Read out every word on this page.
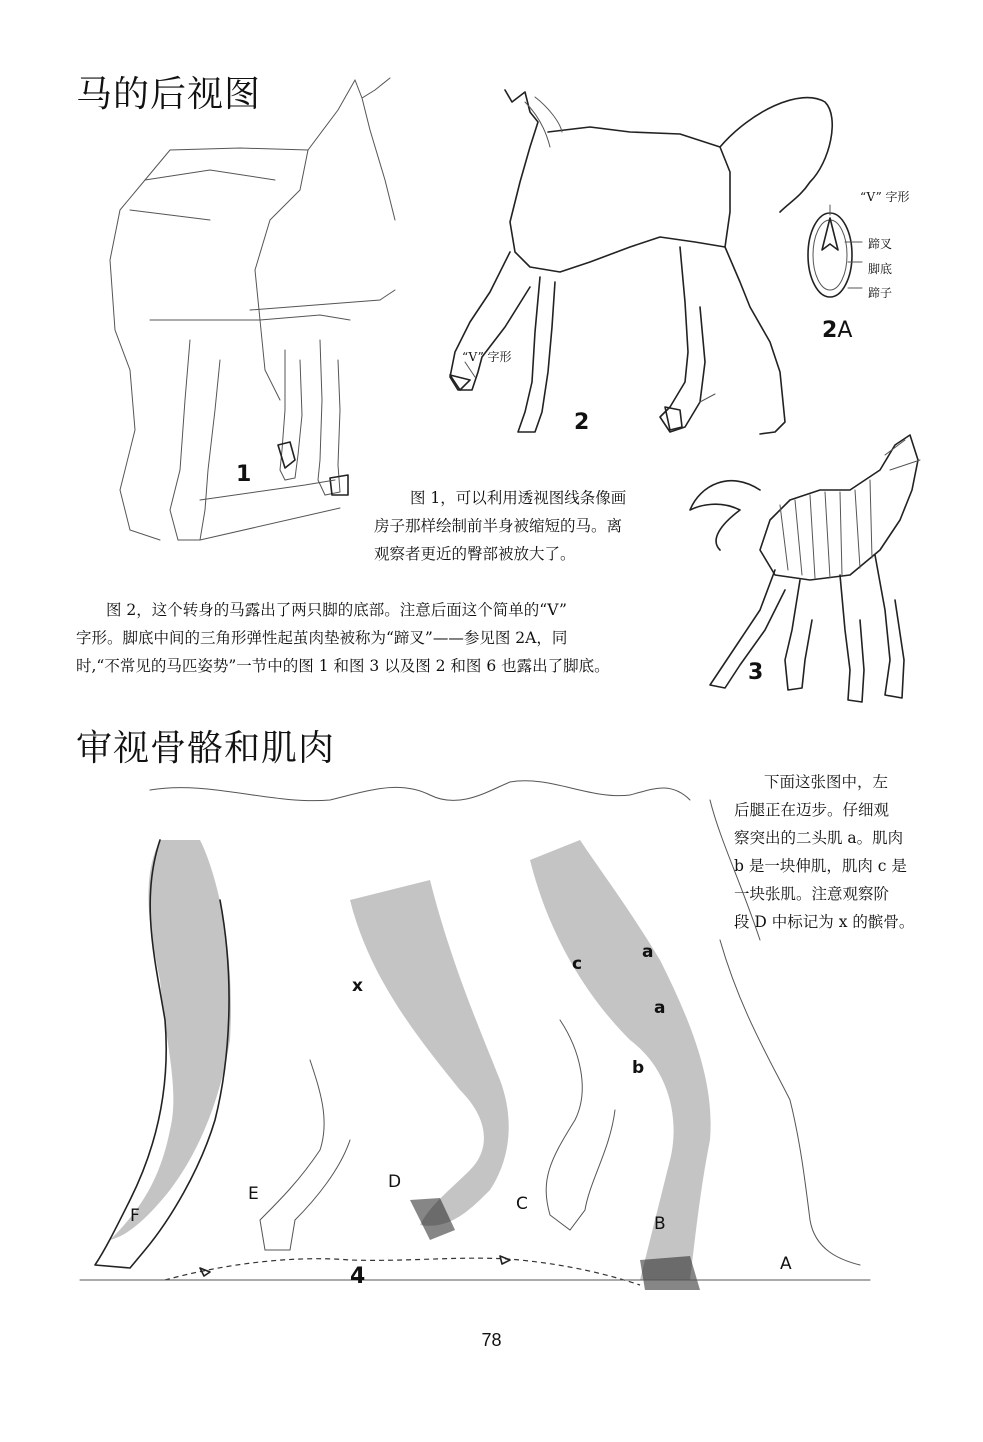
马的后视图
审视骨骼和肌肉
1
“V” 字形
2
“V” 字形
蹄叉
脚底
蹄子
2A

图 1，可以利用透视图线条像画

房子那样绘制前半身被缩短的马。离

观察者更近的臀部被放大了。

3

图 2，这个转身的马露出了两只脚的底部。注意后面这个简单的“V”

字形。脚底中间的三角形弹性起茧肉垫被称为“蹄叉”——参见图 2A，同

时,“不常见的马匹姿势”一节中的图 1 和图 3 以及图 2 和图 6 也露出了脚底。

下面这张图中，左

后腿正在迈步。仔细观

察突出的二头肌 a。肌肉

b 是一块伸肌，肌肉 c 是

一块张肌。注意观察阶

段 D 中标记为 x 的髌骨。

F
E
D
C
B
A
x
c
a
a
b
4
78
